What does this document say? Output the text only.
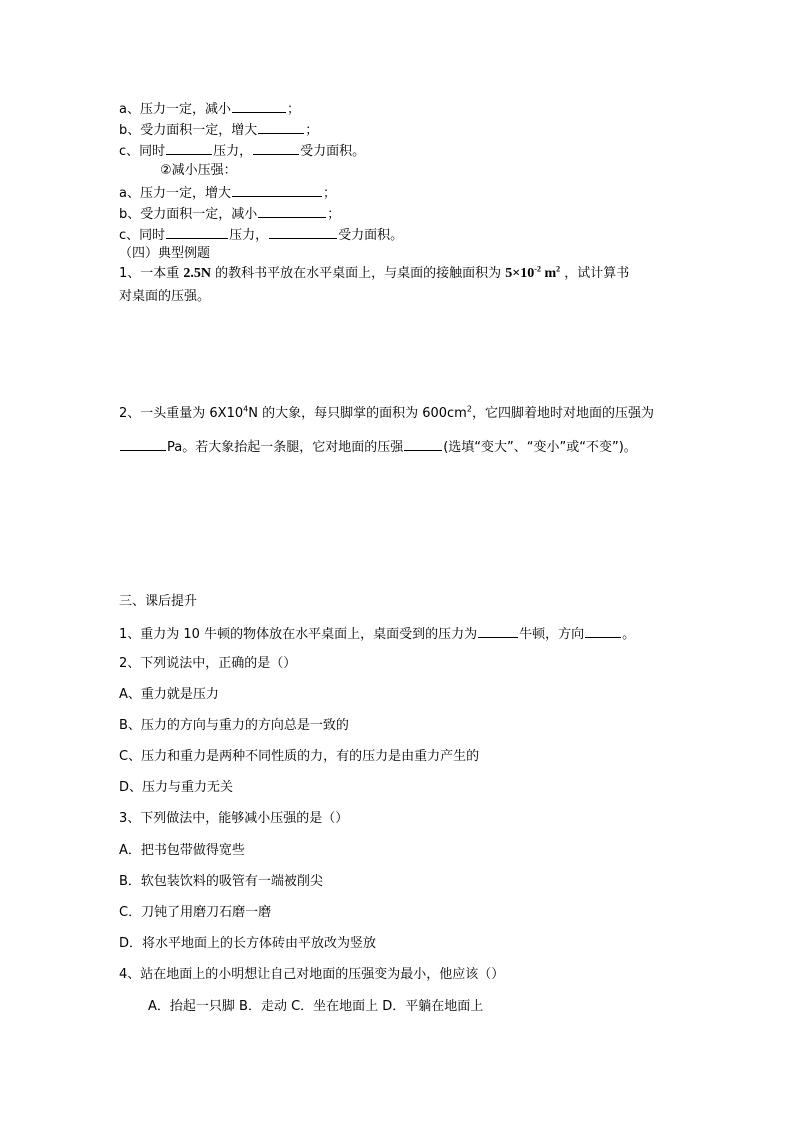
a、压力一定，减小	；
b、受力面积一定，增大	；
c、同时	压力，	受力面积。
②减小压强：
a、压力一定，增大	；
b、受力面积一定，减小	；
c、同时	压力，	受力面积。
（四）典型例题
1、一本重 2.5N 的教科书平放在水平桌面上，与桌面的接触面积为 $5\times 10^{-2}$ $m^2$ ，试计算书
对桌面的压强。
2、一头重量为 $6X10^4N$ 的大象，每只脚掌的面积为 $600cm^2$，它四脚着地时对地面的压强为
Pa。若大象抬起一条腿，它对地面的压强	(选填“变大”、“变小”或“不变”)。
三、课后提升
1、重力为 10 牛顿的物体放在水平桌面上，桌面受到的压力为	牛顿，方向	。
2、下列说法中，正确的是（）
A、重力就是压力
B、压力的方向与重力的方向总是一致的
C、压力和重力是两种不同性质的力，有的压力是由重力产生的
D、压力与重力无关
3、下列做法中，能够减小压强的是（）
A．把书包带做得宽些
B．软包装饮料的吸管有一端被削尖
C．刀钝了用磨刀石磨一磨
D．将水平地面上的长方体砖由平放改为竖放
4、站在地面上的小明想让自己对地面的压强变为最小，他应该（）
A．抬起一只脚 B．走动 C．坐在地面上 D．平躺在地面上
